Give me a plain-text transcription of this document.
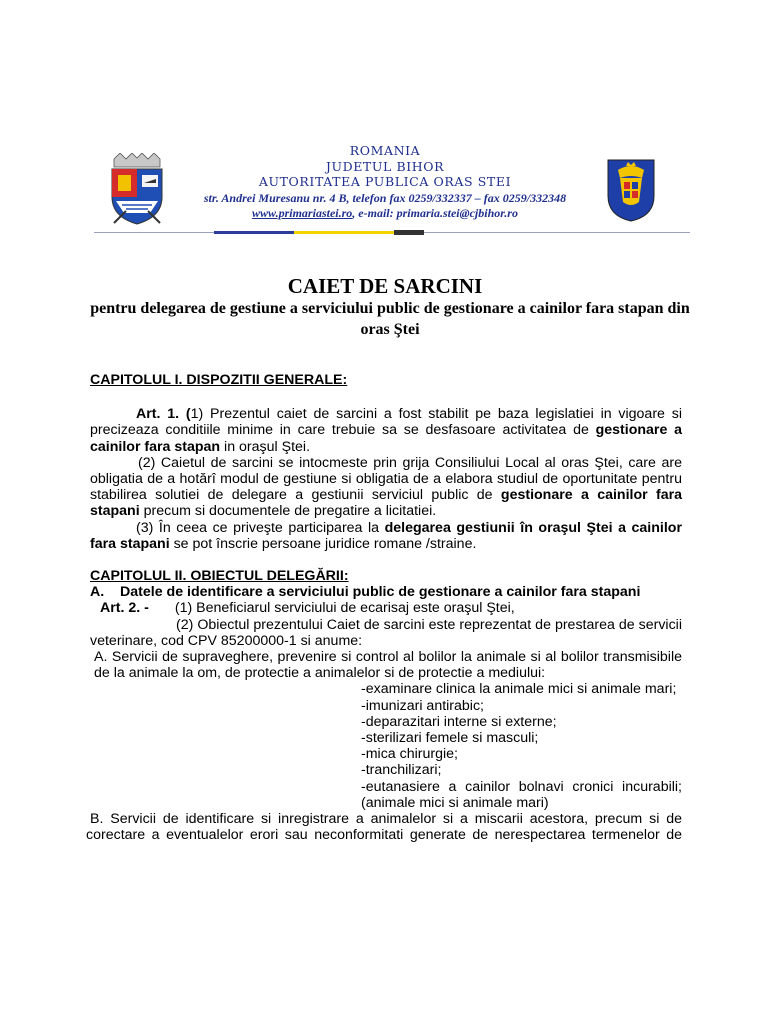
ROMANIA
JUDETUL BIHOR
AUTORITATEA PUBLICA ORAS STEI
str. Andrei Muresanu nr. 4 B, telefon fax 0259/332337 – fax 0259/332348
www.primariastei.ro, e-mail: primaria.stei@cjbihor.ro
CAIET DE SARCINI
pentru delegarea de gestiune a serviciului public de gestionare a cainilor fara stapan din oras Ştei

CAPITOLUL I. DISPOZITII GENERALE:

Art. 1. (1) Prezentul caiet de sarcini a fost stabilit pe baza legislatiei in vigoare si precizeaza conditiile minime in care trebuie sa se desfasoare activitatea de gestionare a cainilor fara stapan in oraşul Ştei.

(2) Caietul de sarcini se intocmeste prin grija Consiliului Local al oras Ştei, care are obligatia de a hotărî modul de gestiune si obligatia de a elabora studiul de oportunitate pentru stabilirea solutiei de delegare a gestiunii serviciul public de gestionare a cainilor fara stapani precum si documentele de pregatire a licitatiei.

(3) În ceea ce priveşte participarea la delegarea gestiunii în oraşul Ştei a cainilor fara stapani se pot înscrie persoane juridice romane /straine.

CAPITOLUL II. OBIECTUL DELEGĂRII:

A.	Datele de identificare a serviciului public de gestionare a cainilor fara stapani

Art. 2. - (1) Beneficiarul serviciului de ecarisaj este oraşul Ştei,

(2) Obiectul prezentului Caiet de sarcini este reprezentat de prestarea de servicii veterinare, cod CPV 85200000-1 si anume:

A. Servicii de supraveghere, prevenire si control al bolilor la animale si al bolilor transmisibile de la animale la om, de protectie a animalelor si de protectie a mediului:

-examinare clinica la animale mici si animale mari;
-imunizari antirabic;
-deparazitari interne si externe;
-sterilizari femele si masculi;
-mica chirurgie;
-tranchilizari;
-eutanasiere a cainilor bolnavi cronici incurabili;
(animale mici si animale mari)

B. Servicii de identificare si inregistrare a animalelor si a miscarii acestora, precum si de

corectare a eventualelor erori sau neconformitati generate de nerespectarea termenelor de
